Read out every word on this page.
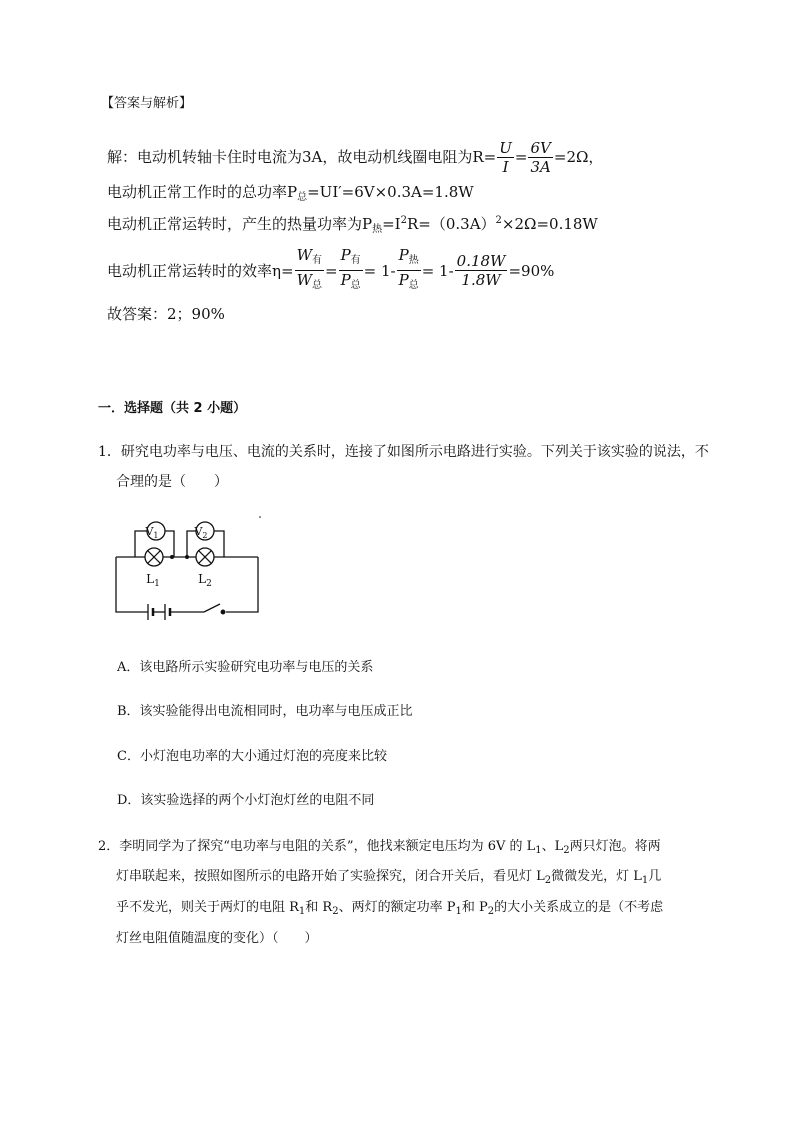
【答案与解析】
解：电动机转轴卡住时电流为3A，故电动机线圈电阻为$R= \frac{U}{I} = \frac{6V}{3A} =2\Omega$，
电动机正常工作时的总功率$P_总=UI'=6V\times 0.3A=1.8W$
电动机正常运转时，产生的热量功率为$P_热=I^2R=(0.3A)^2\times 2\Omega=0.18W$
电动机正常运转时的效率$\eta= \frac{W_有}{W_总} = \frac{P_有}{P_总} = 1- \frac{P_热}{P_总} = 1- \frac{0.18W}{1.8W} =90\%$
故答案：2；90%
一．选择题（共 2 小题）
1．研究电功率与电压、电流的关系时，连接了如图所示电路进行实验。下列关于该实验的说法，不
合理的是（　　）
$V_1$	$V_2$
$L_1$	$L_2$
A．该电路所示实验研究电功率与电压的关系
B．该实验能得出电流相同时，电功率与电压成正比
C．小灯泡电功率的大小通过灯泡的亮度来比较
D．该实验选择的两个小灯泡灯丝的电阻不同
2．李明同学为了探究“电功率与电阻的关系”，他找来额定电压均为 6V 的 $L_1$、$L_2$两只灯泡。将两
灯串联起来，按照如图所示的电路开始了实验探究，闭合开关后，看见灯 $L_2$微微发光，灯 $L_1$几
乎不发光，则关于两灯的电阻 $R_1$和 $R_2$、两灯的额定功率 $P_1$和 $P_2$的大小关系成立的是（不考虑
灯丝电阻值随温度的变化）（　　）
